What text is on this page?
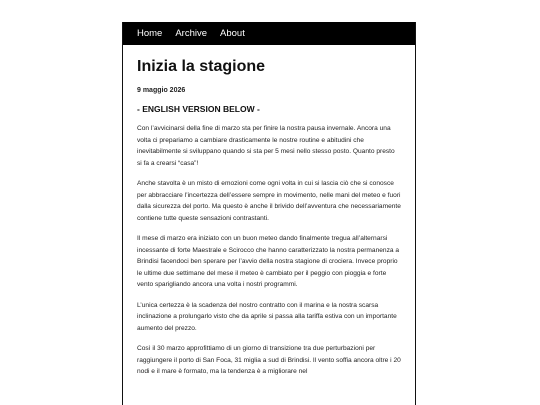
Home Archive About
Inizia la stagione
9 maggio 2026
- ENGLISH VERSION BELOW -

Con l’avvicinarsi della fine di marzo sta per finire la nostra pausa invernale. Ancora una volta ci prepariamo a cambiare drasticamente le nostre routine e abitudini che inevitabilmente si sviluppano quando si sta per 5 mesi nello stesso posto. Quanto presto si fa a crearsi “casa”!

Anche stavolta è un misto di emozioni come ogni volta in cui si lascia ciò che si conosce per abbracciare l’incertezza dell’essere sempre in movimento, nelle mani del meteo e fuori dalla sicurezza del porto. Ma questo è anche il brivido dell’avventura che necessariamente contiene tutte queste sensazioni contrastanti.

Il mese di marzo era iniziato con un buon meteo dando finalmente tregua all’alternarsi incessante di forte Maestrale e Scirocco che hanno caratterizzato la nostra permanenza a Brindisi facendoci ben sperare per l’avvio della nostra stagione di crociera. Invece proprio le ultime due settimane del mese il meteo è cambiato per il peggio con pioggia e forte vento sparigliando ancora una volta i nostri programmi.

L’unica certezza è la scadenza del nostro contratto con il marina e la nostra scarsa inclinazione a prolungarlo visto che da aprile si passa alla tariffa estiva con un importante aumento del prezzo.

Così il 30 marzo approfittiamo di un giorno di transizione tra due perturbazioni per raggiungere il porto di San Foca, 31 miglia a sud di Brindisi. Il vento soffia ancora oltre i 20 nodi e il mare è formato, ma la tendenza è a migliorare nel
